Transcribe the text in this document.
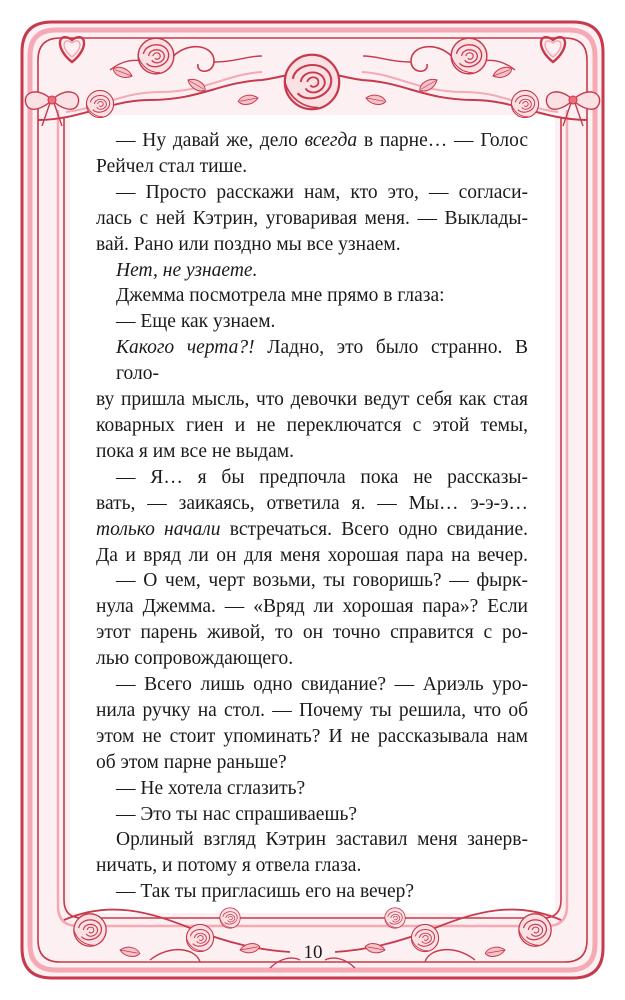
— Ну давай же, дело всегда в парне… — Голос
Рейчел стал тише.
— Просто расскажи нам, кто это, — согласи-
лась с ней Кэтрин, уговаривая меня. — Выклады-
вай. Рано или поздно мы все узнаем.
Нет, не узнаете.
Джемма посмотрела мне прямо в глаза:
— Еще как узнаем.
Какого черта?! Ладно, это было странно. В голо-
ву пришла мысль, что девочки ведут себя как стая
коварных гиен и не переключатся с этой темы,
пока я им все не выдам.
— Я… я бы предпочла пока не рассказы-
вать, — заикаясь, ответила я. — Мы… э-э-э…
только начали встречаться. Всего одно свидание.
Да и вряд ли он для меня хорошая пара на вечер.
— О чем, черт возьми, ты говоришь? — фырк-
нула Джемма. — «Вряд ли хорошая пара»? Если
этот парень живой, то он точно справится с ро-
лью сопровождающего.
— Всего лишь одно свидание? — Ариэль уро-
нила ручку на стол. — Почему ты решила, что об
этом не стоит упоминать? И не рассказывала нам
об этом парне раньше?
— Не хотела сглазить?
— Это ты нас спрашиваешь?
Орлиный взгляд Кэтрин заставил меня занерв-
ничать, и потому я отвела глаза.
— Так ты пригласишь его на вечер?
10
